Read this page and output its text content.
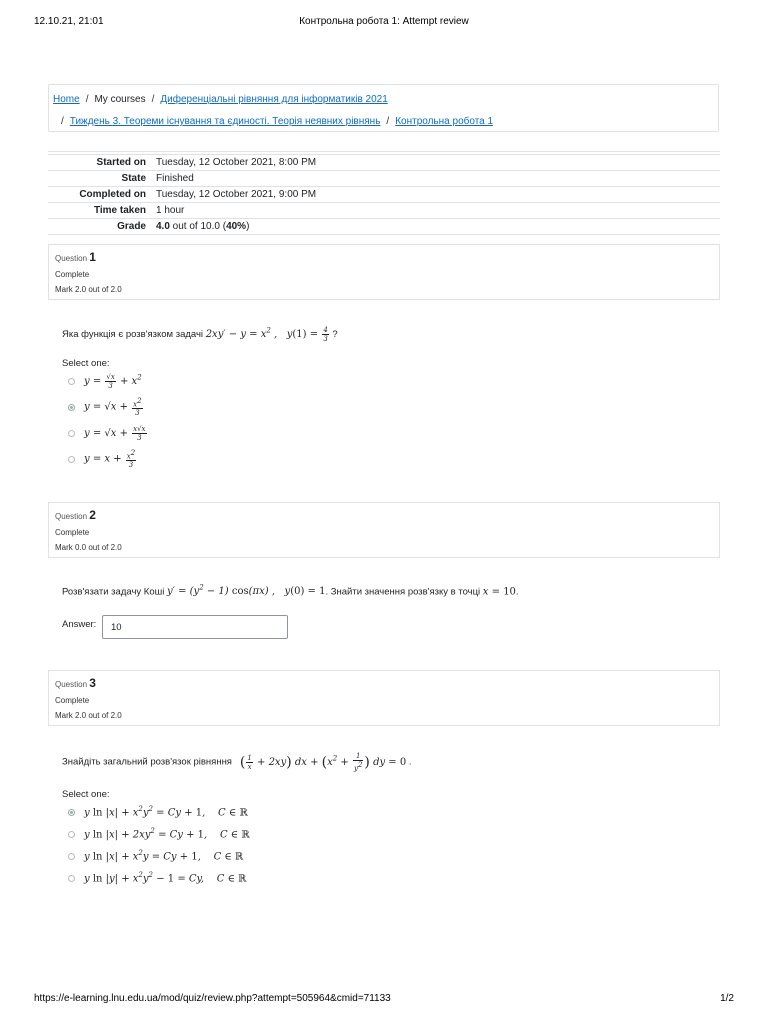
12.10.21, 21:01	Контрольна робота 1: Attempt review
Home / My courses / Диференціальні рівняння для інформатиків 2021
/ Тиждень 3. Теореми існування та єдиності. Теорія неявних рівнянь / Контрольна робота 1

Started on	Tuesday, 12 October 2021, 8:00 PM
State	Finished
Completed on	Tuesday, 12 October 2021, 9:00 PM
Time taken	1 hour
Grade	4.0 out of 10.0 (40%)
Question 1
Complete
Mark 2.0 out of 2.0
Яка функція є розв'язком задачі $2xy' - y = x^2$ ,   $y(1) = \frac{4}{3}$ ?
Select one:
$y = \frac{√x}{3} + x^2$
$y = √x + \frac{x^2}{3}$
$y = √x + \frac{x√x}{3}$
$y = x + \frac{x^2}{3}$
Question 2
Complete
Mark 0.0 out of 2.0
Розв'язати задачу Коші $y' = (y^2 - 1)$ cos(πx) ,   y(0) = 1. Знайти значення розв'язку в точці x = 10.
Answer:	10
Question 3
Complete
Mark 2.0 out of 2.0
Знайдіть загальний розв'язок рівняння ( $\frac{1}{x} + 2xy$) dx + ($x^2 + \frac{1}{y^2}$ ) dy = 0 .
Select one:
y $\ln |x| + x^2y^2 = Cy + 1$,    C ∈ ℝ
y $\ln |x| + 2xy^2 = Cy + 1$,    C ∈ ℝ
y $\ln |x| + x^2y = Cy + 1$,    C ∈ ℝ
y $\ln |y| + x^2y^2 - 1 = Cy$,    C ∈ ℝ
https://e-learning.lnu.edu.ua/mod/quiz/review.php?attempt=505964&cmid=71133	1/2
